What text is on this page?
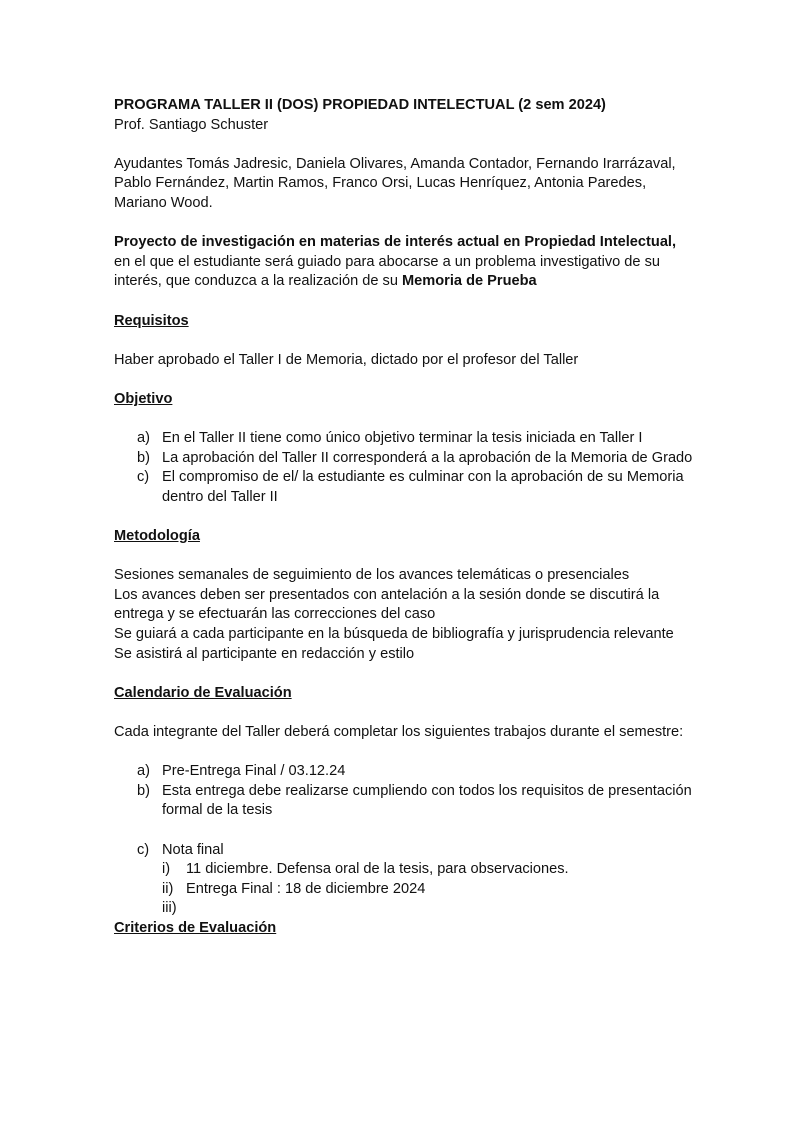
PROGRAMA TALLER II (DOS) PROPIEDAD INTELECTUAL (2 sem 2024)

Prof. Santiago Schuster

Ayudantes Tomás Jadresic, Daniela Olivares, Amanda Contador, Fernando Irarrázaval, Pablo Fernández, Martin Ramos, Franco Orsi, Lucas Henríquez, Antonia Paredes, Mariano Wood.

Proyecto de investigación en materias de interés actual en Propiedad Intelectual, en el que el estudiante será guiado para abocarse a un problema investigativo de su interés, que conduzca a la realización de su Memoria de Prueba

Requisitos

Haber aprobado el Taller I de Memoria, dictado por el profesor del Taller

Objetivo

a) En el Taller II tiene como único objetivo terminar la tesis iniciada en Taller I
b) La aprobación del Taller II corresponderá a la aprobación de la Memoria de Grado
c) El compromiso de el/ la estudiante es culminar con la aprobación de su Memoria dentro del Taller II

Metodología

Sesiones semanales de seguimiento de los avances telemáticas o presenciales

Los avances deben ser presentados con antelación a la sesión donde se discutirá la entrega y se efectuarán las correcciones del caso

Se guiará a cada participante en la búsqueda de bibliografía y jurisprudencia relevante

Se asistirá al participante en redacción y estilo

Calendario de Evaluación

Cada integrante del Taller deberá completar los siguientes trabajos durante el semestre:

a) Pre-Entrega Final / 03.12.24
b) Esta entrega debe realizarse cumpliendo con todos los requisitos de presentación formal de la tesis
c) Nota final
i) 11 diciembre. Defensa oral de la tesis, para observaciones.
ii) Entrega Final : 18 de diciembre 2024
iii)

Criterios de Evaluación
